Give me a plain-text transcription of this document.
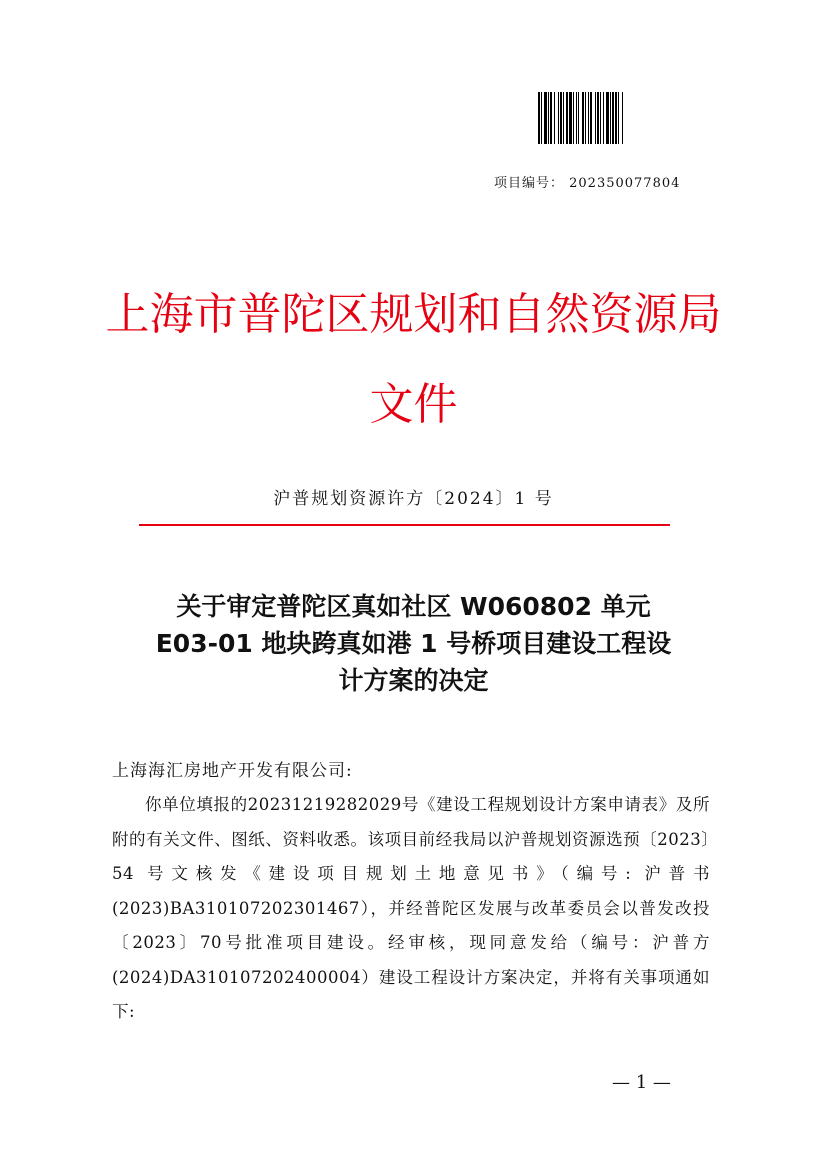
项目编号： 202350077804
上海市普陀区规划和自然资源局
文件
沪普规划资源许方〔2024〕1 号
关于审定普陀区真如社区 W060802 单元
E03-01 地块跨真如港 1 号桥项目建设工程设
计方案的决定
上海海汇房地产开发有限公司:
你单位填报的20231219282029号《建设工程规划设计方案申请表》及所附的有关文件、图纸、资料收悉。该项目前经我局以沪普规划资源选预〔2023〕54 号文核发《建设项目规划土地意见书》（编号: 沪普书(2023)BA310107202301467），并经普陀区发展与改革委员会以普发改投〔2023〕70号批准项目建设。经审核，现同意发给（编号：沪普方(2024)DA310107202400004）建设工程设计方案决定，并将有关事项通如下:
— 1 —
